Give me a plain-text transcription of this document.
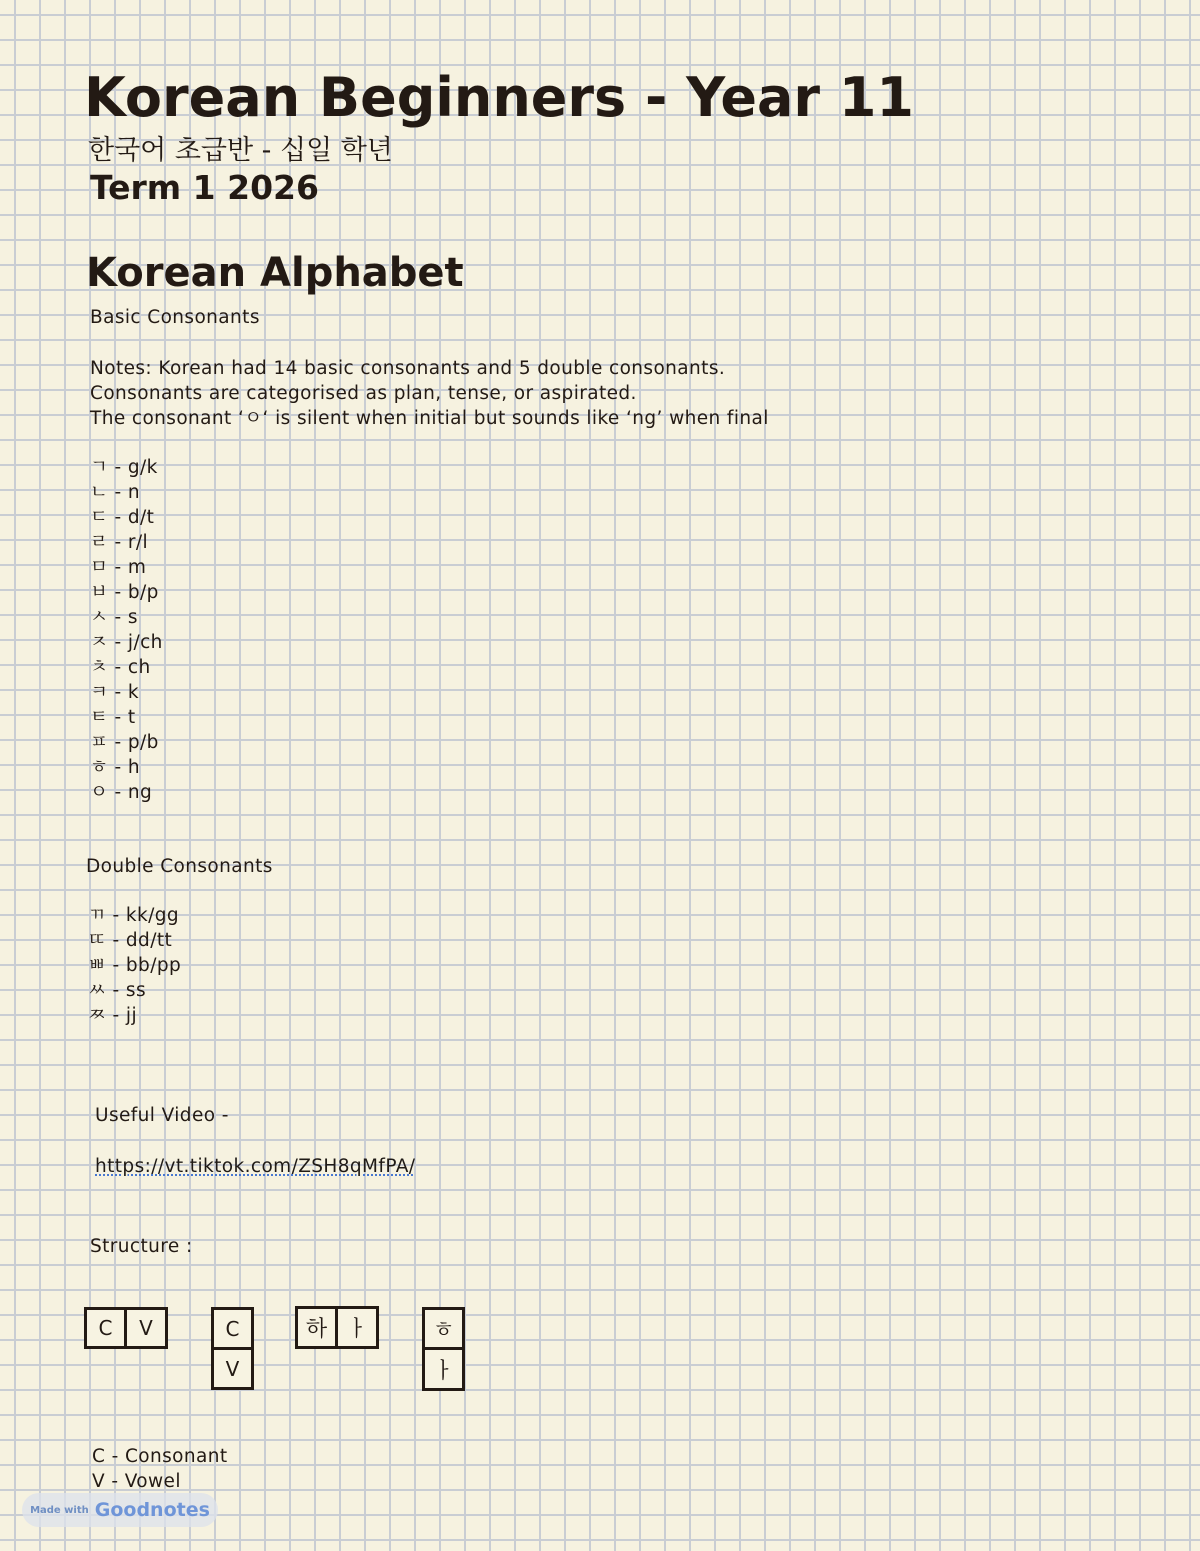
Korean Beginners - Year 11
한국어 초급반 - 십일 학년
Term 1 2026
Korean Alphabet
Basic Consonants
Notes: Korean had 14 basic consonants and 5 double consonants.
Consonants are categorised as plan, tense, or aspirated.
The consonant ‘ㅇ‘ is silent when initial but sounds like ‘ng’ when final
ㄱ - g/k
ㄴ - n
ㄷ - d/t
ㄹ - r/l
ㅁ - m
ㅂ - b/p
ㅅ - s
ㅈ - j/ch
ㅊ - ch
ㅋ - k
ㅌ - t
ㅍ - p/b
ㅎ - h
ㅇ - ng
Double Consonants
ㄲ - kk/gg
ㄸ - dd/tt
ㅃ - bb/pp
ㅆ - ss
ㅉ - jj
Useful Video -
https://vt.tiktok.com/ZSH8qMfPA/
Structure :
C	V	C
V
하 ㅏ	ㅎ
ㅏ
C - Consonant
V - Vowel
Made with Goodnotes
